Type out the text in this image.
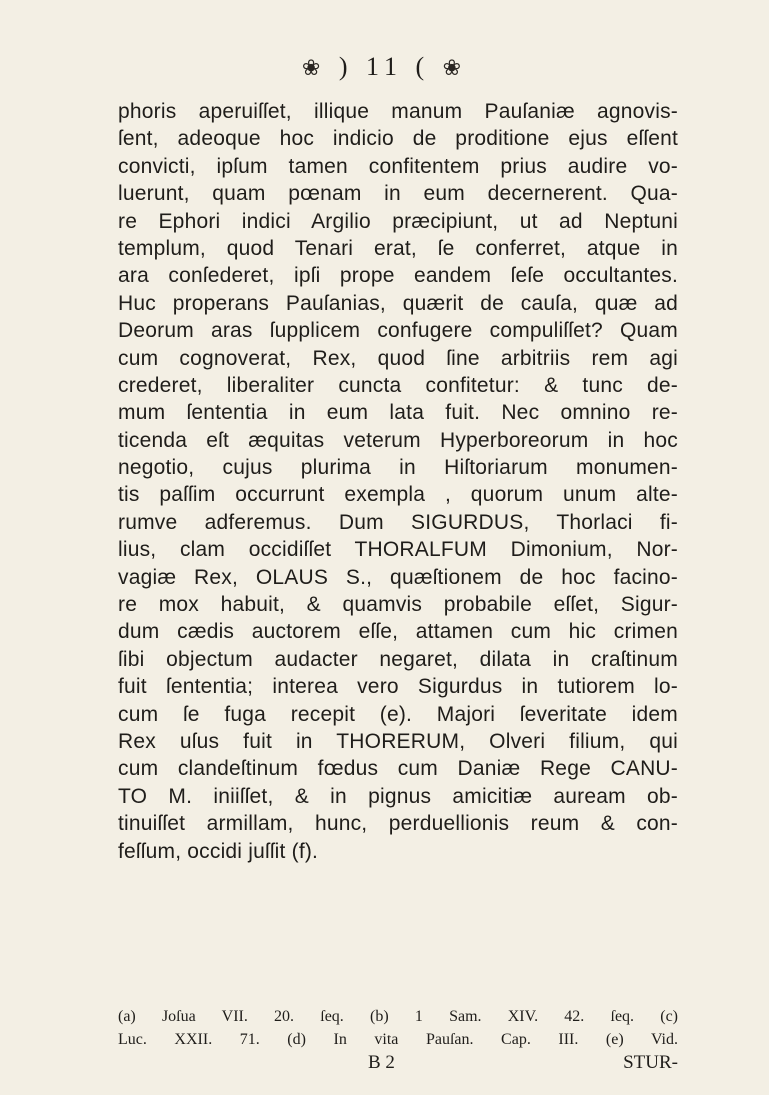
❀ ) 11 ( ❀
phoris aperuiſſet, illique manum Pauſaniæ agnovis-
ſent, adeoque hoc indicio de proditione ejus eſſent
convicti, ipſum tamen confitentem prius audire vo-
luerunt, quam pœnam in eum decernerent. Qua-
re Ephori indici Argilio præcipiunt, ut ad Neptuni
templum, quod Tenari erat, ſe conferret, atque in
ara conſederet, ipſi prope eandem ſeſe occultantes.
Huc properans Pauſanias, quærit de cauſa, quæ ad
Deorum aras ſupplicem confugere compuliſſet? Quam
cum cognoverat, Rex, quod ſine arbitriis rem agi
crederet, liberaliter cuncta confitetur: & tunc de-
mum ſententia in eum lata fuit. Nec omnino re-
ticenda eſt æquitas veterum Hyperboreorum in hoc
negotio, cujus plurima in Hiſtoriarum monumen-
tis paſſim occurrunt exempla , quorum unum alte-
rumve adferemus. Dum SIGURDUS, Thorlaci fi-
lius, clam occidiſſet THORALFUM Dimonium, Nor-
vagiæ Rex, OLAUS S., quæſtionem de hoc facino-
re mox habuit, & quamvis probabile eſſet, Sigur-
dum cædis auctorem eſſe, attamen cum hic crimen
ſibi objectum audacter negaret, dilata in craſtinum
fuit ſententia; interea vero Sigurdus in tutiorem lo-
cum ſe fuga recepit (e). Majori ſeveritate idem
Rex uſus fuit in THORERUM, Olveri filium, qui
cum clandeſtinum fœdus cum Daniæ Rege CANU-
TO M. iniiſſet, & in pignus amicitiæ auream ob-
tinuiſſet armillam, hunc, perduellionis reum & con-
feſſum, occidi juſſit (f).
(a) Joſua VII. 20. ſeq. (b) 1 Sam. XIV. 42. ſeq. (c)
Luc. XXII. 71. (d) In vita Pauſan. Cap. III. (e) Vid.
B 2	STUR-
